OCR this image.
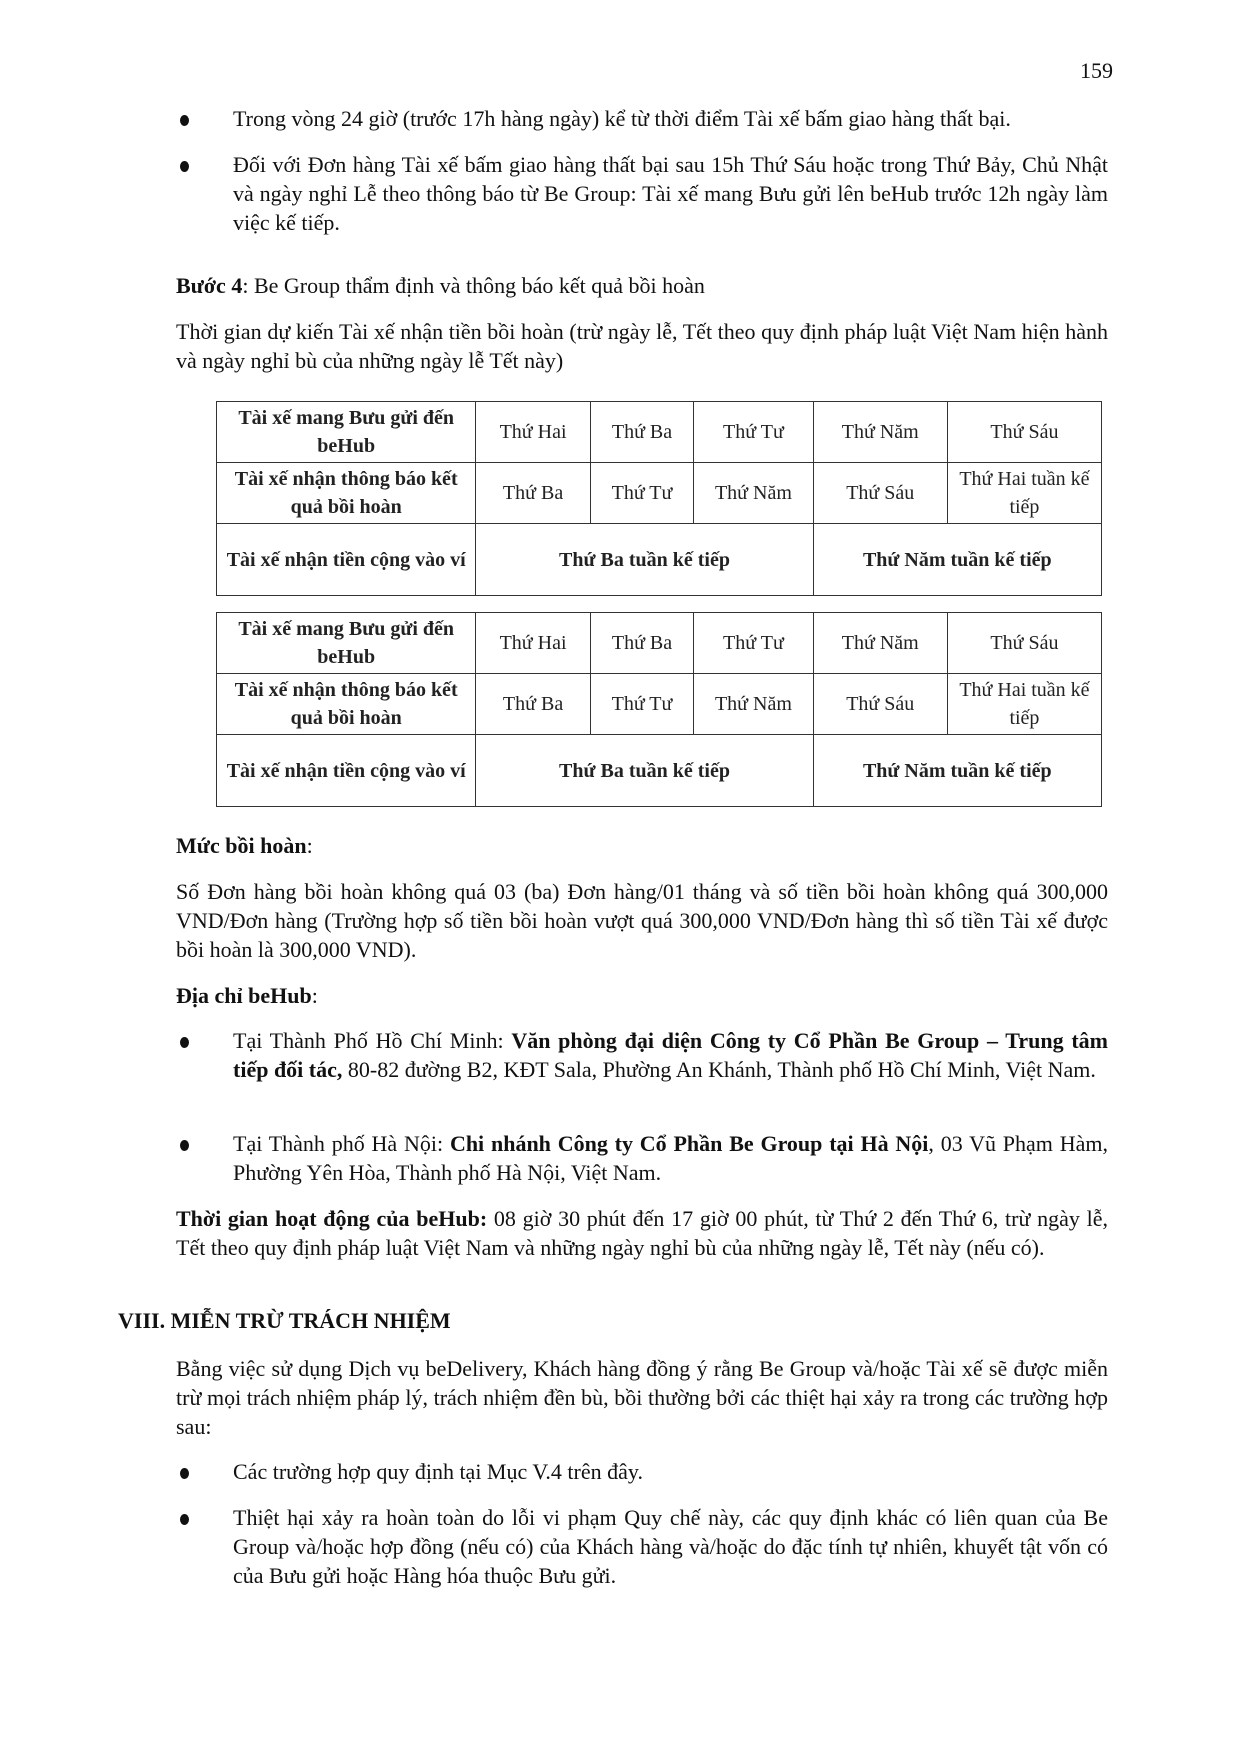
159
Trong vòng 24 giờ (trước 17h hàng ngày) kể từ thời điểm Tài xế bấm giao hàng thất bại.
Đối với Đơn hàng Tài xế bấm giao hàng thất bại sau 15h Thứ Sáu hoặc trong Thứ Bảy, Chủ Nhật và ngày nghỉ Lễ theo thông báo từ Be Group: Tài xế mang Bưu gửi lên beHub trước 12h ngày làm việc kế tiếp.
Bước 4: Be Group thẩm định và thông báo kết quả bồi hoàn
Thời gian dự kiến Tài xế nhận tiền bồi hoàn (trừ ngày lễ, Tết theo quy định pháp luật Việt Nam hiện hành và ngày nghỉ bù của những ngày lễ Tết này)
Tài xế mang Bưu gửi đến beHub	Thứ Hai	Thứ Ba	Thứ Tư	Thứ Năm	Thứ Sáu
Tài xế nhận thông báo kết quả bồi hoàn	Thứ Ba	Thứ Tư	Thứ Năm	Thứ Sáu	Thứ Hai tuần kế tiếp
Tài xế nhận tiền cộng vào ví	Thứ Ba tuần kế tiếp			Thứ Năm tuần kế tiếp	
Tài xế mang Bưu gửi đến beHub	Thứ Hai	Thứ Ba	Thứ Tư	Thứ Năm	Thứ Sáu
Tài xế nhận thông báo kết quả bồi hoàn	Thứ Ba	Thứ Tư	Thứ Năm	Thứ Sáu	Thứ Hai tuần kế tiếp
Tài xế nhận tiền cộng vào ví	Thứ Ba tuần kế tiếp			Thứ Năm tuần kế tiếp	
Mức bồi hoàn:
Số Đơn hàng bồi hoàn không quá 03 (ba) Đơn hàng/01 tháng và số tiền bồi hoàn không quá 300,000 VND/Đơn hàng (Trường hợp số tiền bồi hoàn vượt quá 300,000 VND/Đơn hàng thì số tiền Tài xế được bồi hoàn là 300,000 VND).
Địa chỉ beHub:
Tại Thành Phố Hồ Chí Minh: Văn phòng đại diện Công ty Cổ Phần Be Group – Trung tâm tiếp đối tác, 80-82 đường B2, KĐT Sala, Phường An Khánh, Thành phố Hồ Chí Minh, Việt Nam.
Tại Thành phố Hà Nội: Chi nhánh Công ty Cổ Phần Be Group tại Hà Nội, 03 Vũ Phạm Hàm, Phường Yên Hòa, Thành phố Hà Nội, Việt Nam.
Thời gian hoạt động của beHub: 08 giờ 30 phút đến 17 giờ 00 phút, từ Thứ 2 đến Thứ 6, trừ ngày lễ, Tết theo quy định pháp luật Việt Nam và những ngày nghỉ bù của những ngày lễ, Tết này (nếu có).
VIII. MIỄN TRỪ TRÁCH NHIỆM
Bằng việc sử dụng Dịch vụ beDelivery, Khách hàng đồng ý rằng Be Group và/hoặc Tài xế sẽ được miễn trừ mọi trách nhiệm pháp lý, trách nhiệm đền bù, bồi thường bởi các thiệt hại xảy ra trong các trường hợp sau:
Các trường hợp quy định tại Mục V.4 trên đây.
Thiệt hại xảy ra hoàn toàn do lỗi vi phạm Quy chế này, các quy định khác có liên quan của Be Group và/hoặc hợp đồng (nếu có) của Khách hàng và/hoặc do đặc tính tự nhiên, khuyết tật vốn có của Bưu gửi hoặc Hàng hóa thuộc Bưu gửi.
